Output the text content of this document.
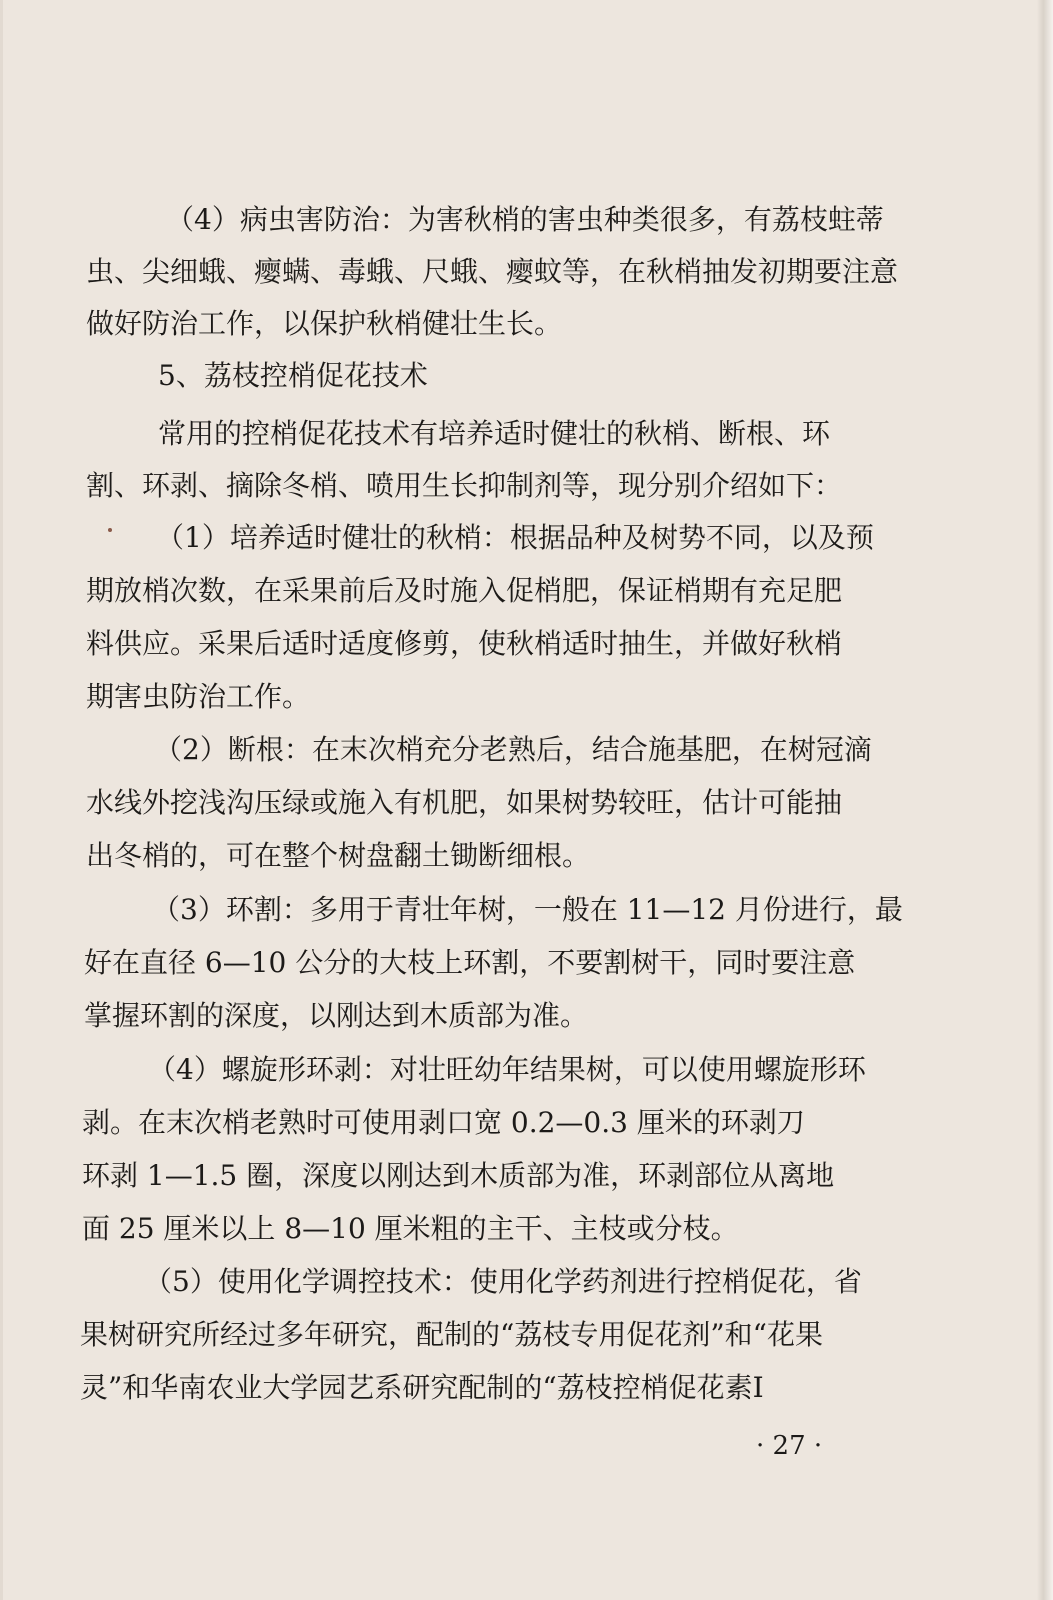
（4）病虫害防治：为害秋梢的害虫种类很多，有荔枝蛀蒂
虫、尖细蛾、瘿螨、毒蛾、尺蛾、瘿蚊等，在秋梢抽发初期要注意
做好防治工作，以保护秋梢健壮生长。
5、荔枝控梢促花技术
常用的控梢促花技术有培养适时健壮的秋梢、断根、环
割、环剥、摘除冬梢、喷用生长抑制剂等，现分别介绍如下：
（1）培养适时健壮的秋梢：根据品种及树势不同，以及预
期放梢次数，在采果前后及时施入促梢肥，保证梢期有充足肥
料供应。采果后适时适度修剪，使秋梢适时抽生，并做好秋梢
期害虫防治工作。
（2）断根：在末次梢充分老熟后，结合施基肥，在树冠滴
水线外挖浅沟压绿或施入有机肥，如果树势较旺，估计可能抽
出冬梢的，可在整个树盘翻土锄断细根。
（3）环割：多用于青壮年树，一般在 11—12 月份进行，最
好在直径 6—10 公分的大枝上环割，不要割树干，同时要注意
掌握环割的深度，以刚达到木质部为准。
（4）螺旋形环剥：对壮旺幼年结果树，可以使用螺旋形环
剥。在末次梢老熟时可使用剥口宽 0.2—0.3 厘米的环剥刀
环剥 1—1.5 圈，深度以刚达到木质部为准，环剥部位从离地
面 25 厘米以上 8—10 厘米粗的主干、主枝或分枝。
（5）使用化学调控技术：使用化学药剂进行控梢促花，省
果树研究所经过多年研究，配制的“荔枝专用促花剂”和“花果
灵”和华南农业大学园艺系研究配制的“荔枝控梢促花素Ⅰ
· 27 ·
